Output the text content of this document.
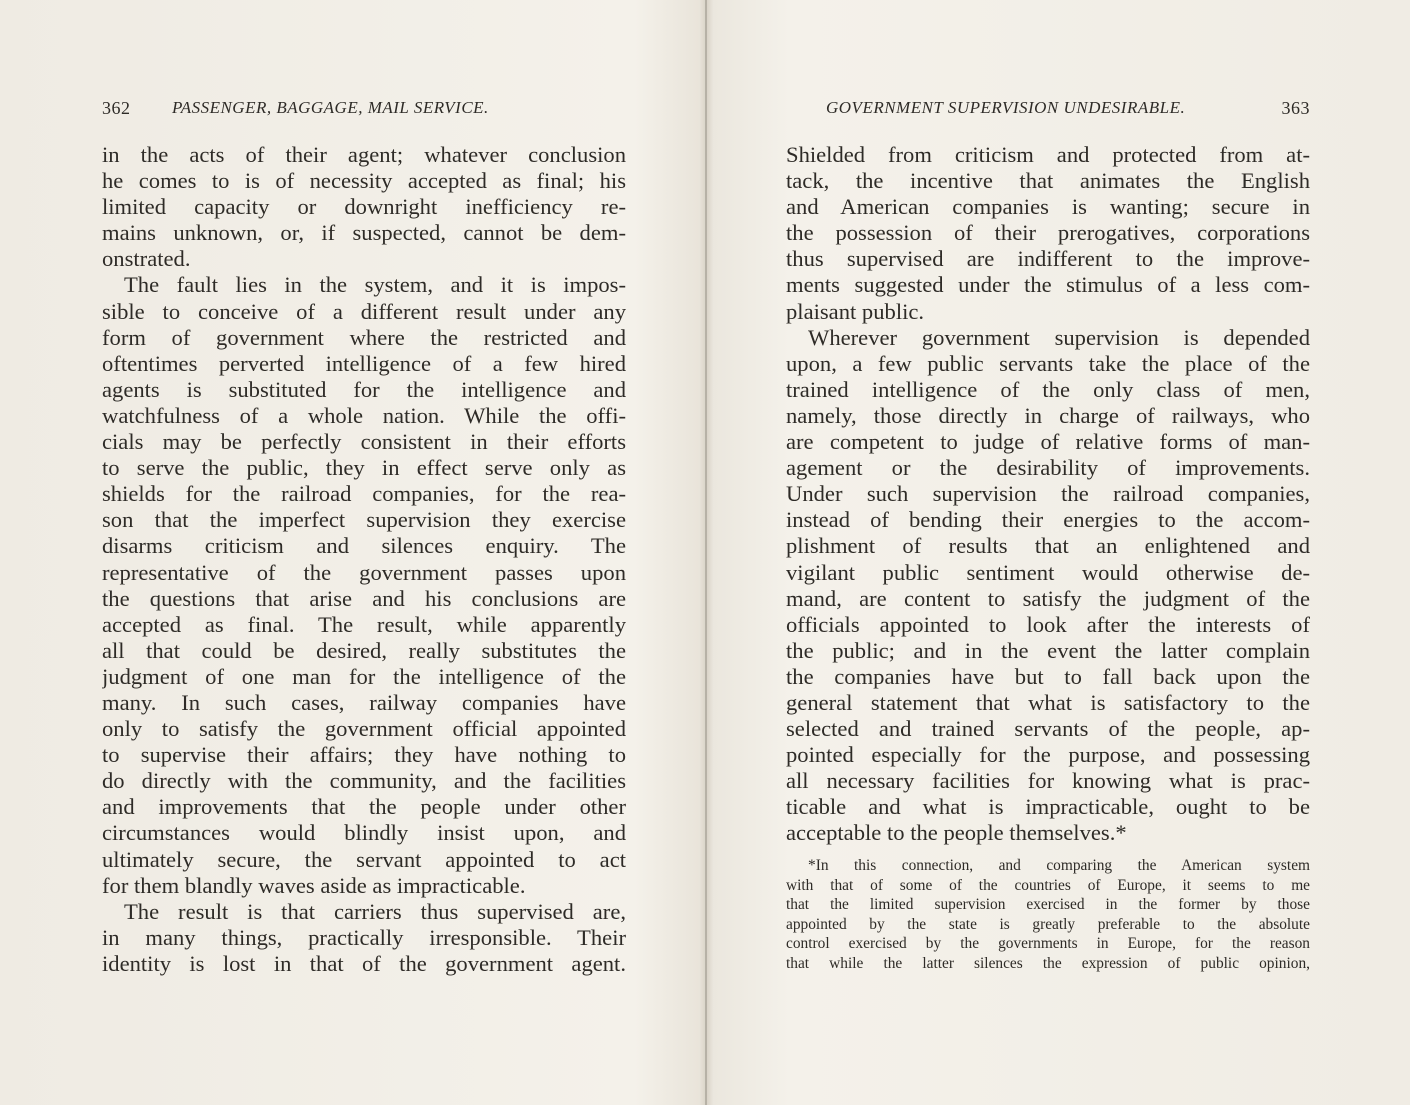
362 PASSENGER, BAGGAGE, MAIL SERVICE.
in the acts of their agent; whatever conclusion
he comes to is of necessity accepted as final; his
limited capacity or downright inefficiency re-
mains unknown, or, if suspected, cannot be dem-
onstrated.
The fault lies in the system, and it is impos-
sible to conceive of a different result under any
form of government where the restricted and
oftentimes perverted intelligence of a few hired
agents is substituted for the intelligence and
watchfulness of a whole nation. While the offi-
cials may be perfectly consistent in their efforts
to serve the public, they in effect serve only as
shields for the railroad companies, for the rea-
son that the imperfect supervision they exercise
disarms criticism and silences enquiry. The
representative of the government passes upon
the questions that arise and his conclusions are
accepted as final. The result, while apparently
all that could be desired, really substitutes the
judgment of one man for the intelligence of the
many. In such cases, railway companies have
only to satisfy the government official appointed
to supervise their affairs; they have nothing to
do directly with the community, and the facilities
and improvements that the people under other
circumstances would blindly insist upon, and
ultimately secure, the servant appointed to act
for them blandly waves aside as impracticable.
The result is that carriers thus supervised are,
in many things, practically irresponsible. Their
identity is lost in that of the government agent.
GOVERNMENT SUPERVISION UNDESIRABLE.	363
Shielded from criticism and protected from at-
tack, the incentive that animates the English
and American companies is wanting; secure in
the possession of their prerogatives, corporations
thus supervised are indifferent to the improve-
ments suggested under the stimulus of a less com-
plaisant public.
Wherever government supervision is depended
upon, a few public servants take the place of the
trained intelligence of the only class of men,
namely, those directly in charge of railways, who
are competent to judge of relative forms of man-
agement or the desirability of improvements.
Under such supervision the railroad companies,
instead of bending their energies to the accom-
plishment of results that an enlightened and
vigilant public sentiment would otherwise de-
mand, are content to satisfy the judgment of the
officials appointed to look after the interests of
the public; and in the event the latter complain
the companies have but to fall back upon the
general statement that what is satisfactory to the
selected and trained servants of the people, ap-
pointed especially for the purpose, and possessing
all necessary facilities for knowing what is prac-
ticable and what is impracticable, ought to be
acceptable to the people themselves.*
*In this connection, and comparing the American system
with that of some of the countries of Europe, it seems to me
that the limited supervision exercised in the former by those
appointed by the state is greatly preferable to the absolute
control exercised by the governments in Europe, for the reason
that while the latter silences the expression of public opinion,
